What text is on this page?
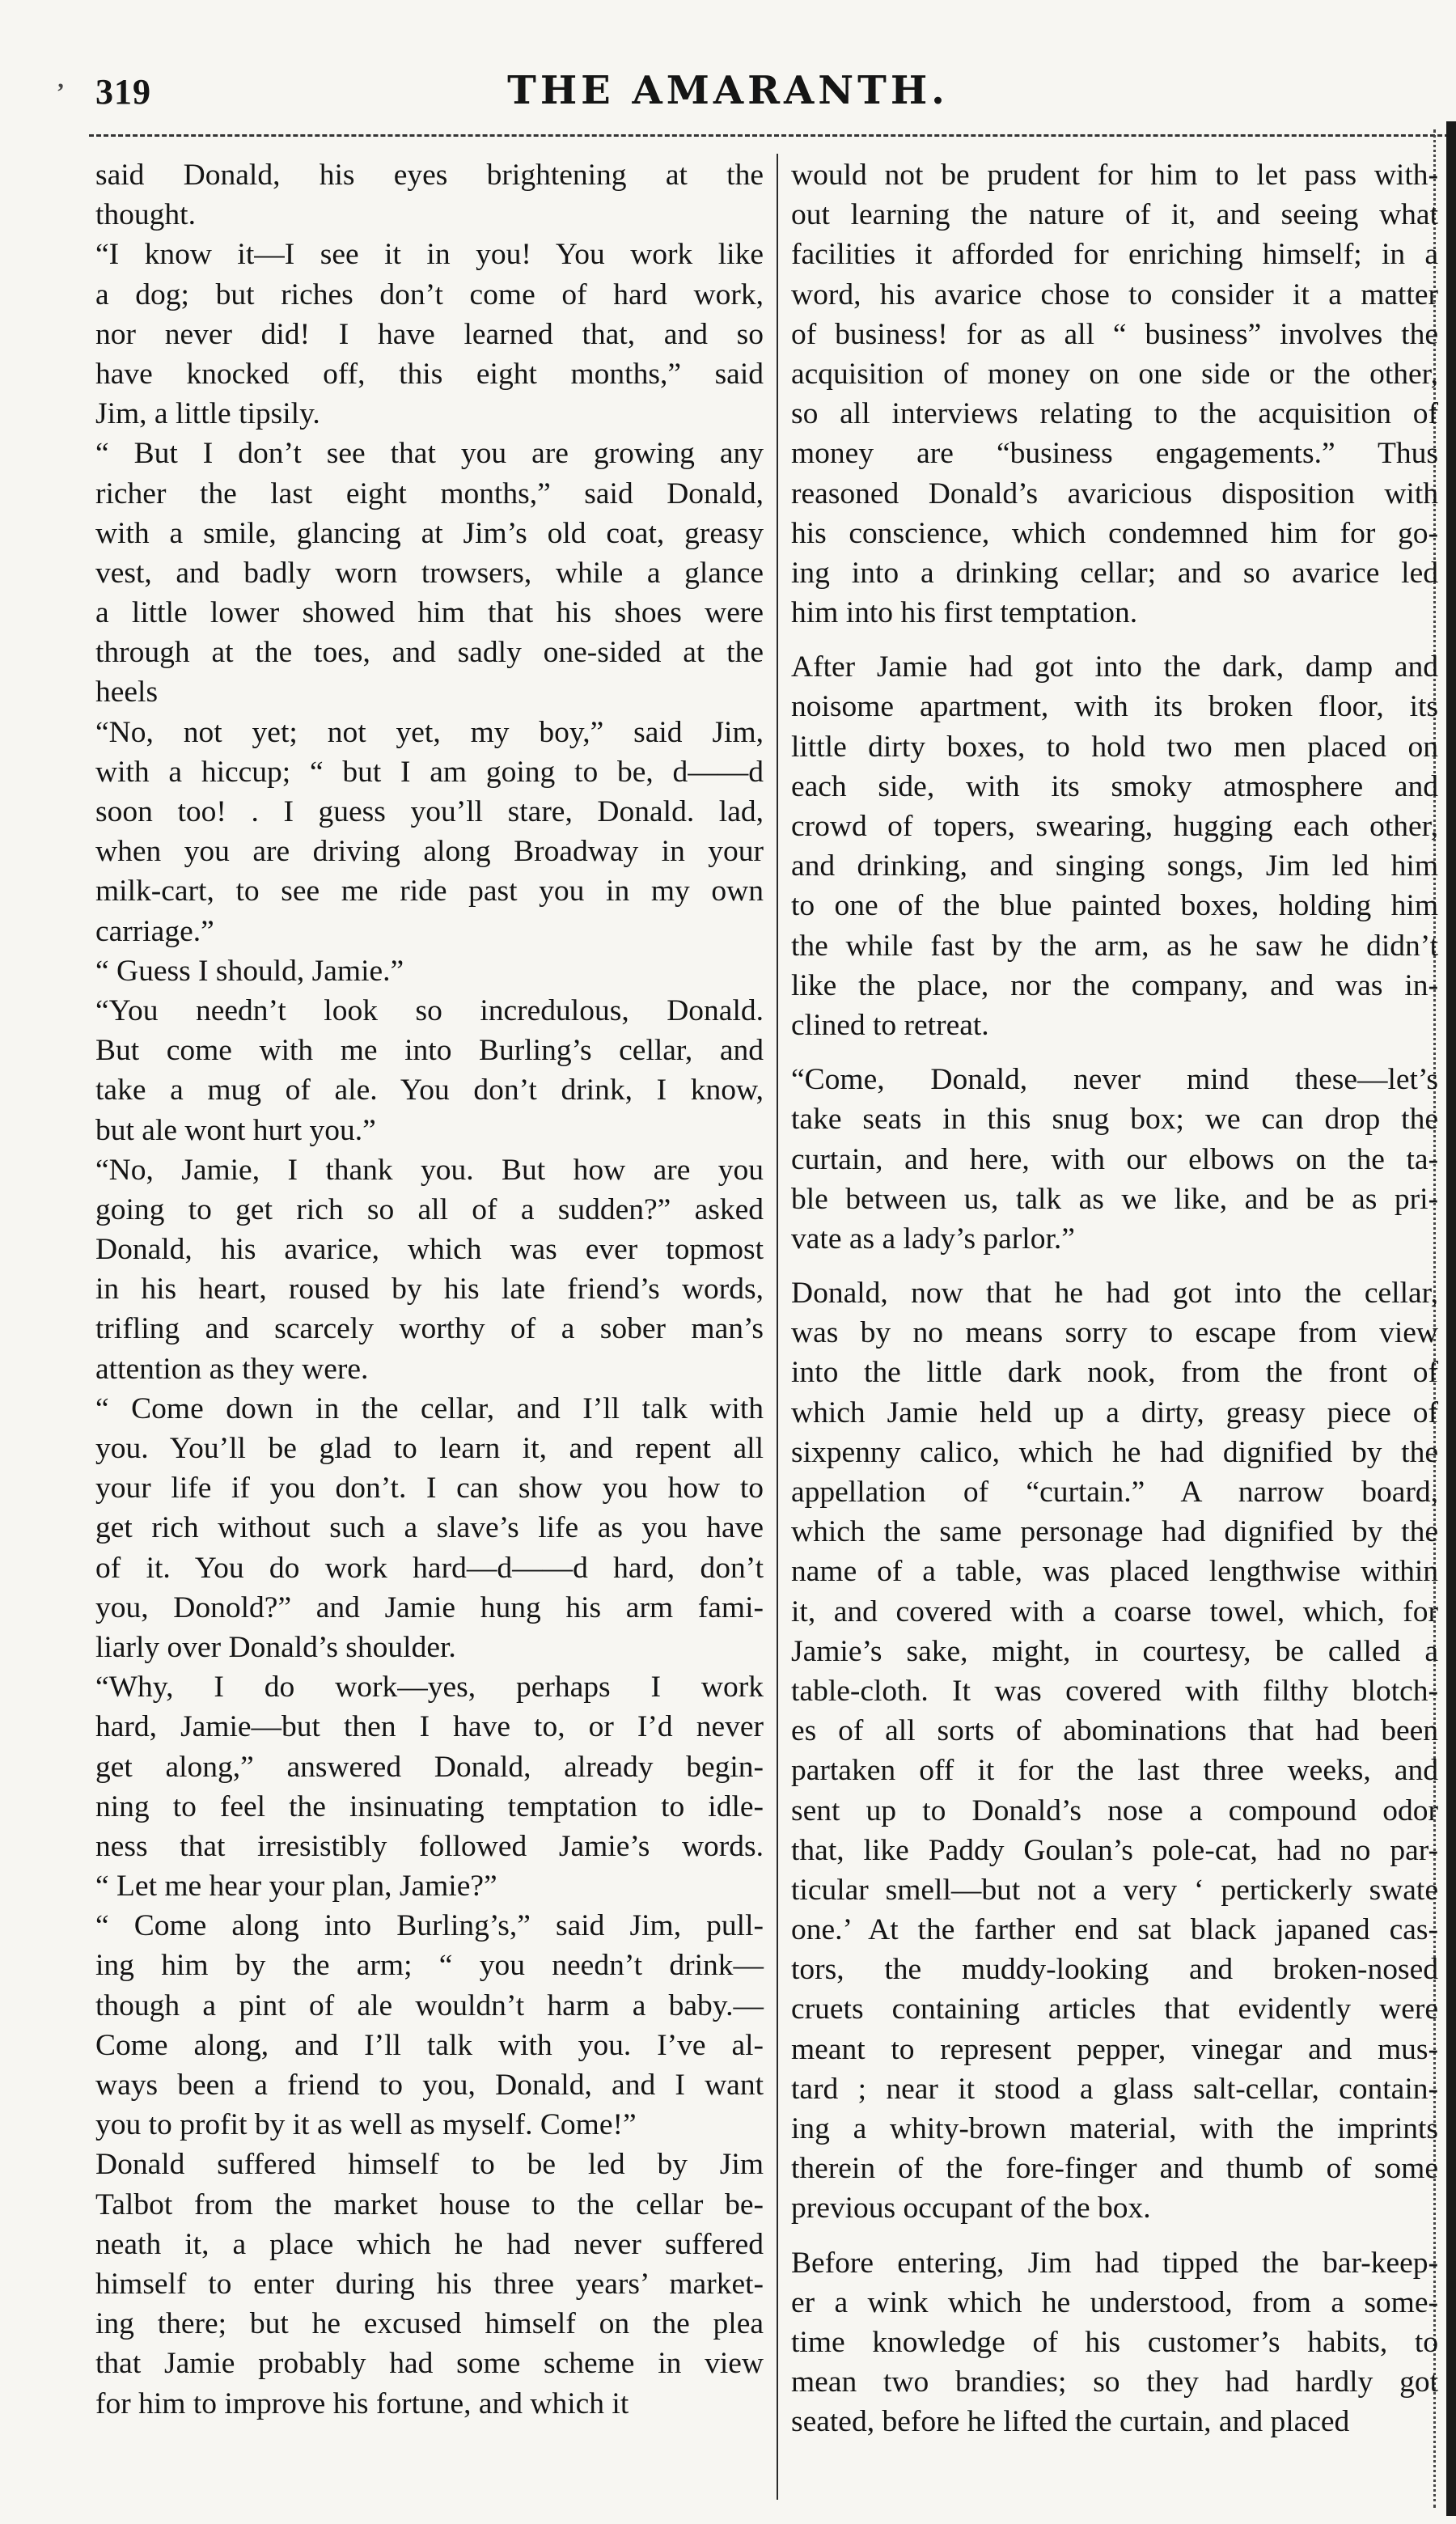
‚ 319	THE AMARANTH.
said Donald, his eyes brightening at the
thought.
“I know it—I see it in you! You work like
a dog; but riches don’t come of hard work,
nor never did! I have learned that, and so
have knocked off, this eight months,” said
Jim, a little tipsily.
“ But I don’t see that you are growing any
richer the last eight months,” said Donald,
with a smile, glancing at Jim’s old coat, greasy
vest, and badly worn trowsers, while a glance
a little lower showed him that his shoes were
through at the toes, and sadly one-sided at the
heels
“No, not yet; not yet, my boy,” said Jim,
with a hiccup; “ but I am going to be, d——d
soon too! . I guess you’ll stare, Donald. lad,
when you are driving along Broadway in your
milk-cart, to see me ride past you in my own
carriage.”
“ Guess I should, Jamie.”
“You needn’t look so incredulous, Donald.
But come with me into Burling’s cellar, and
take a mug of ale. You don’t drink, I know,
but ale wont hurt you.”
“No, Jamie, I thank you. But how are you
going to get rich so all of a sudden?” asked
Donald, his avarice, which was ever topmost
in his heart, roused by his late friend’s words,
trifling and scarcely worthy of a sober man’s
attention as they were.
“ Come down in the cellar, and I’ll talk with
you. You’ll be glad to learn it, and repent all
your life if you don’t. I can show you how to
get rich without such a slave’s life as you have
of it. You do work hard—d——d hard, don’t
you, Donold?” and Jamie hung his arm fami-
liarly over Donald’s shoulder.
“Why, I do work—yes, perhaps I work
hard, Jamie—but then I have to, or I’d never
get along,” answered Donald, already begin-
ning to feel the insinuating temptation to idle-
ness that irresistibly followed Jamie’s words.
“ Let me hear your plan, Jamie?”
“ Come along into Burling’s,” said Jim, pull-
ing him by the arm; “ you needn’t drink—
though a pint of ale wouldn’t harm a baby.—
Come along, and I’ll talk with you. I’ve al-
ways been a friend to you, Donald, and I want
you to profit by it as well as myself. Come!”
Donald suffered himself to be led by Jim
Talbot from the market house to the cellar be-
neath it, a place which he had never suffered
himself to enter during his three years’ market-
ing there; but he excused himself on the plea
that Jamie probably had some scheme in view
for him to improve his fortune, and which it
would not be prudent for him to let pass with-
out learning the nature of it, and seeing what
facilities it afforded for enriching himself; in a
word, his avarice chose to consider it a matter
of business! for as all “ business” involves the
acquisition of money on one side or the other,
so all interviews relating to the acquisition of
money are “business engagements.” Thus
reasoned Donald’s avaricious disposition with
his conscience, which condemned him for go-
ing into a drinking cellar; and so avarice led
him into his first temptation.
After Jamie had got into the dark, damp and
noisome apartment, with its broken floor, its
little dirty boxes, to hold two men placed on
each side, with its smoky atmosphere and
crowd of topers, swearing, hugging each other,
and drinking, and singing songs, Jim led him
to one of the blue painted boxes, holding him
the while fast by the arm, as he saw he didn’t
like the place, nor the company, and was in-
clined to retreat.
“Come, Donald, never mind these—let’s
take seats in this snug box; we can drop the
curtain, and here, with our elbows on the ta-
ble between us, talk as we like, and be as pri-
vate as a lady’s parlor.”
Donald, now that he had got into the cellar,
was by no means sorry to escape from view
into the little dark nook, from the front of
which Jamie held up a dirty, greasy piece of
sixpenny calico, which he had dignified by the
appellation of “curtain.” A narrow board,
which the same personage had dignified by the
name of a table, was placed lengthwise within
it, and covered with a coarse towel, which, for
Jamie’s sake, might, in courtesy, be called a
table-cloth. It was covered with filthy blotch-
es of all sorts of abominations that had been
partaken off it for the last three weeks, and
sent up to Donald’s nose a compound odor
that, like Paddy Goulan’s pole-cat, had no par-
ticular smell—but not a very ‘ pertickerly swate
one.’ At the farther end sat black japaned cas-
tors, the muddy-looking and broken-nosed
cruets containing articles that evidently were
meant to represent pepper, vinegar and mus-
tard ; near it stood a glass salt-cellar, contain-
ing a whity-brown material, with the imprints
therein of the fore-finger and thumb of some
previous occupant of the box.
Before entering, Jim had tipped the bar-keep-
er a wink which he understood, from a some-
time knowledge of his customer’s habits, to
mean two brandies; so they had hardly got
seated, before he lifted the curtain, and placed
